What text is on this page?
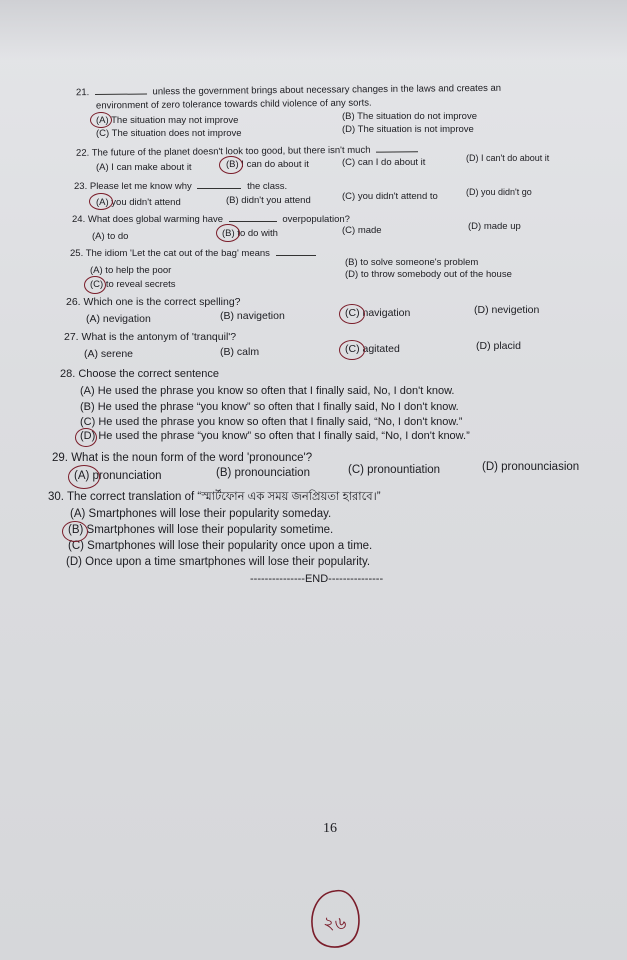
21.	unless the government brings about necessary changes in the laws and creates an
environment of zero tolerance towards child violence of any sorts.
(A) The situation may not improve	(B) The situation do not improve
(C) The situation does not improve	(D) The situation is not improve
22. The future of the planet doesn't look too good, but there isn't much
(A) I can make about it	(B) I can do about it	(C) can I do about it	(D) I can't do about it
23. Please let me know why	the class.
(A) you didn't attend	(B) didn't you attend	(C) you didn't attend to	(D) you didn't go
24. What does global warming have	overpopulation?
(A) to do	(B) to do with	(C) made	(D) made up
25. The idiom 'Let the cat out of the bag' means
(A) to help the poor
(B) to solve someone's problem
(C) to reveal secrets
(D) to throw somebody out of the house
26. Which one is the correct spelling?
(A) nevigation	(B) navigetion	(C) navigation	(D) nevigetion
27. What is the antonym of 'tranquil'?
(A) serene	(B) calm	(C) agitated	(D) placid
28. Choose the correct sentence
(A) He used the phrase you know so often that I finally said, No, I don't know.
(B) He used the phrase “you know” so often that I finally said, No I don't know.
(C) He used the phrase you know so often that I finally said, “No, I don't know.”
(D) He used the phrase “you know” so often that I finally said, “No, I don't know.”
29. What is the noun form of the word 'pronounce'?
(A) pronunciation	(B) pronounciation	(C) pronountiation	(D) pronounciasion
30. The correct translation of “স্মার্টফোন এক সময় জনপ্রিয়তা হারাবে।”
(A) Smartphones will lose their popularity someday.
(B) Smartphones will lose their popularity sometime.
(C) Smartphones will lose their popularity once upon a time.
(D) Once upon a time smartphones will lose their popularity.
---------------END---------------
16
২৬
